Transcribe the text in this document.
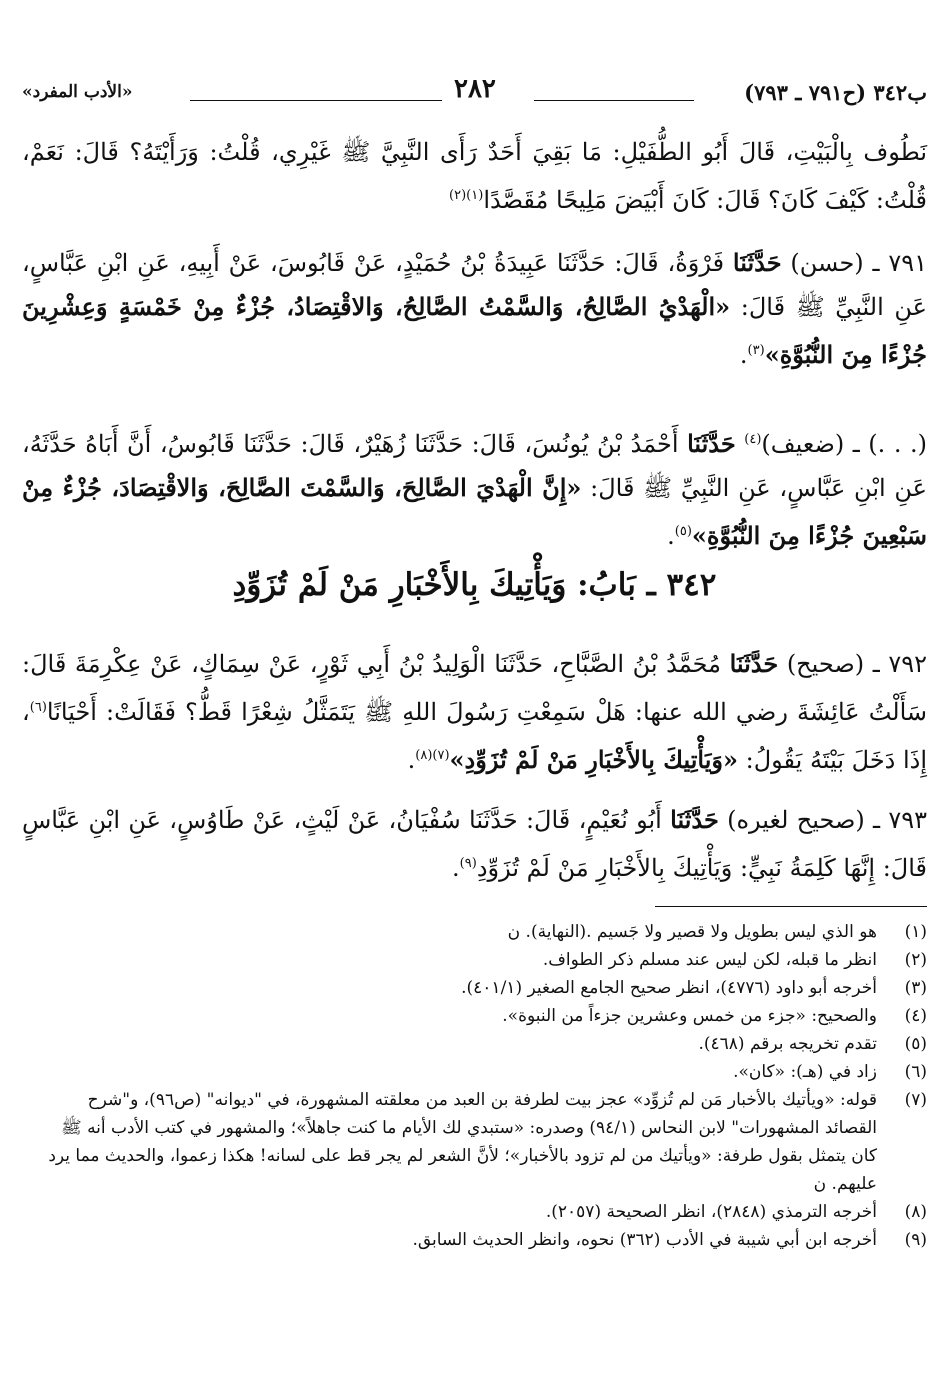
ب٣٤٢ (ح٧٩١ ـ ٧٩٣)
٢٨٢
«الأدب المفرد»

نَطُوف بِالْبَيْتِ، قَالَ أَبُو الطُّفَيْلِ: مَا بَقِيَ أَحَدٌ رَأَى النَّبِيَّ ﷺ غَيْرِي، قُلْتُ: وَرَأَيْتَهُ؟ قَالَ: نَعَمْ، قُلْتُ: كَيْفَ كَانَ؟ قَالَ: كَانَ أَبْيَضَ مَلِيحًا مُقَصَّدًا$^{(١)(٢)}$

٧٩١ ـ (حسن) حَدَّثَنَا فَرْوَةُ، قَالَ: حَدَّثَنَا عَبِيدَةُ بْنُ حُمَيْدٍ، عَنْ قَابُوسَ، عَنْ أَبِيهِ، عَنِ ابْنِ عَبَّاسٍ، عَنِ النَّبِيِّ ﷺ قَالَ: «الْهَدْيُ الصَّالِحُ، وَالسَّمْتُ الصَّالِحُ، وَالاقْتِصَادُ، جُزْءٌ مِنْ خَمْسَةٍ وَعِشْرِينَ جُزْءًا مِنَ النُّبُوَّةِ»$^{(٣)}$.

(. . .) ـ (ضعيف)$^{(٤)}$ حَدَّثَنَا أَحْمَدُ بْنُ يُونُسَ، قَالَ: حَدَّثَنَا زُهَيْرٌ، قَالَ: حَدَّثَنَا قَابُوسُ، أَنَّ أَبَاهُ حَدَّثَهُ، عَنِ ابْنِ عَبَّاسٍ، عَنِ النَّبِيِّ ﷺ قَالَ: «إِنَّ الْهَدْيَ الصَّالِحَ، وَالسَّمْتَ الصَّالِحَ، وَالاقْتِصَادَ، جُزْءٌ مِنْ سَبْعِينَ جُزْءًا مِنَ النُّبُوَّةِ»$^{(٥)}$.

٣٤٢ ـ بَابُ: وَيَأْتِيكَ بِالأَخْبَارِ مَنْ لَمْ تُزَوِّدِ

٧٩٢ ـ (صحيح) حَدَّثَنَا مُحَمَّدُ بْنُ الصَّبَّاحِ، حَدَّثَنَا الْوَلِيدُ بْنُ أَبِي ثَوْرٍ، عَنْ سِمَاكٍ، عَنْ عِكْرِمَةَ قَالَ: سَأَلْتُ عَائِشَةَ رضي الله عنها: هَلْ سَمِعْتِ رَسُولَ اللهِ ﷺ يَتَمَثَّلُ شِعْرًا قَطُّ؟ فَقَالَتْ: أَحْيَانًا$^{(٦)}$، إِذَا دَخَلَ بَيْتَهُ يَقُولُ: «وَيَأْتِيكَ بِالأَخْبَارِ مَنْ لَمْ تُزَوِّدِ»$^{(٧)(٨)}$.

٧٩٣ ـ (صحيح لغيره) حَدَّثَنَا أَبُو نُعَيْمٍ، قَالَ: حَدَّثَنَا سُفْيَانُ، عَنْ لَيْثٍ، عَنْ طَاوُسٍ، عَنِ ابْنِ عَبَّاسٍ قَالَ: إِنَّهَا كَلِمَةُ نَبِيٍّ: وَيَأْتِيكَ بِالأَخْبَارِ مَنْ لَمْ تُزَوِّدِ$^{(٩)}$.

(١)

هو الذي ليس بطويل ولا قصير ولا جَسيم .(النهاية). ن

(٢)

انظر ما قبله، لكن ليس عند مسلم ذكر الطواف.

(٣)

أخرجه أبو داود (٤٧٧٦)، انظر صحيح الجامع الصغير (٤٠١/١).

(٤)

والصحيح: «جزء من خمس وعشرين جزءاً من النبوة».

(٥)

تقدم تخريجه برقم (٤٦٨).

(٦)

زاد في (هـ): «كان».

(٧)

قوله: «ويأتيك بالأخبار مَن لم تُزوِّد» عجز بيت لطرفة بن العبد من معلقته المشهورة، في "ديوانه" (ص٩٦)، و"شرح القصائد المشهورات" لابن النحاس (٩٤/١) وصدره: «ستبدي لك الأيام ما كنت جاهلاً»؛ والمشهور في كتب الأدب أنه ﷺ كان يتمثل بقول طرفة: «ويأتيك من لم تزود بالأخبار»؛ لأنَّ الشعر لم يجر قط على لسانه! هكذا زعموا، والحديث مما يرد عليهم. ن

(٨)

أخرجه الترمذي (٢٨٤٨)، انظر الصحيحة (٢٠٥٧).

(٩)

أخرجه ابن أبي شيبة في الأدب (٣٦٢) نحوه، وانظر الحديث السابق.
